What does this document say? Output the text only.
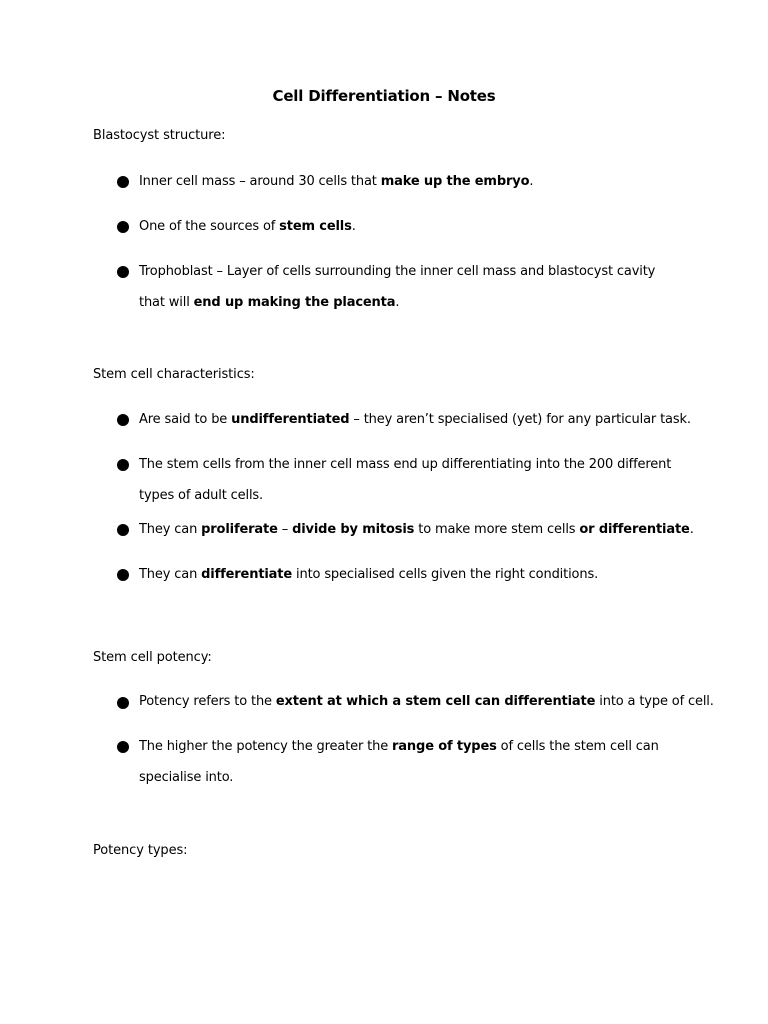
Cell Differentiation – Notes
Blastocyst structure:
Inner cell mass – around 30 cells that make up the embryo.
One of the sources of stem cells.
Trophoblast – Layer of cells surrounding the inner cell mass and blastocyst cavity that will end up making the placenta.
Stem cell characteristics:
Are said to be undifferentiated – they aren’t specialised (yet) for any particular task.
The stem cells from the inner cell mass end up differentiating into the 200 different types of adult cells.
They can proliferate – divide by mitosis to make more stem cells or differentiate.
They can differentiate into specialised cells given the right conditions.
Stem cell potency:
Potency refers to the extent at which a stem cell can differentiate into a type of cell.
The higher the potency the greater the range of types of cells the stem cell can specialise into.
Potency types:
